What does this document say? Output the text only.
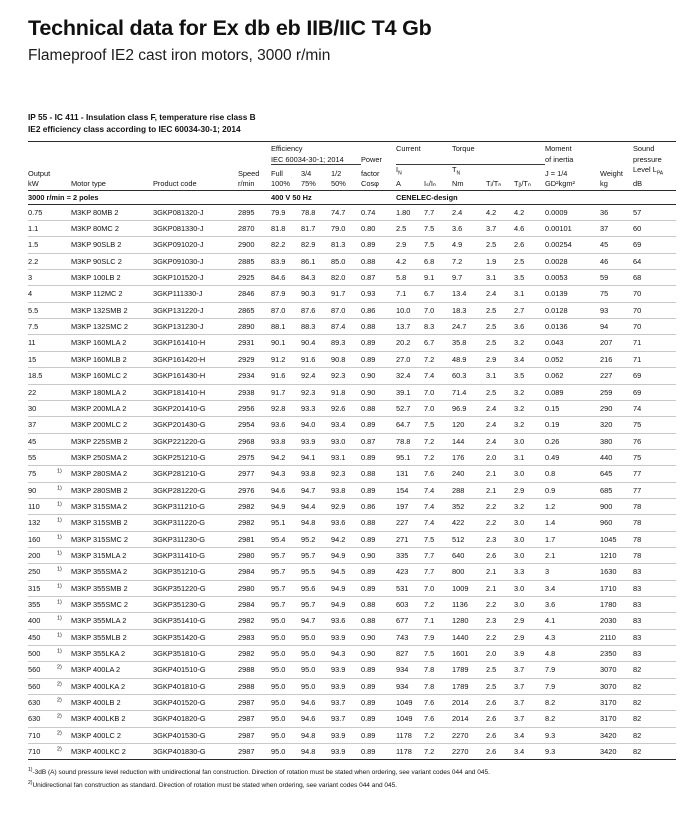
Technical data for Ex db eb IIB/IIC T4 Gb
Flameproof IE2 cast iron motors, 3000 r/min
IP 55 - IC 411 - Insulation class F, temperature rise class B
IE2 efficiency class according to IEC 60034-30-1; 2014

					Efficiency				Current		Torque			Moment		Sound
					IEC 60034-30-1; 2014			Power						of inertia		pressure
Output				Speed	Full	3/4	1/2	factor	$I_N$		$T_N$			J = 1/4	Weight	Level $L_{PA}$
kW		Motor type	Product code	r/min	100%	75%	50%	Cosφ	A	Iₛ/Iₙ	Nm	Tᵢ/Tₙ	Tᵦ/Tₙ	GD²kgm²	kg	dB

3000 r/min = 2 poles					400 V 50 Hz				CENELEC-design							
0.75		M3KP 80MB 2	3GKP081320-J	2895	79.9	78.8	74.7	0.74	1.80	7.7	2.4	4.2	4.2	0.0009	36	57
1.1		M3KP 80MC 2	3GKP081330-J	2870	81.8	81.7	79.0	0.80	2.5	7.5	3.6	3.7	4.6	0.00101	37	60
1.5		M3KP 90SLB 2	3GKP091020-J	2900	82.2	82.9	81.3	0.89	2.9	7.5	4.9	2.5	2.6	0.00254	45	69
2.2		M3KP 90SLC 2	3GKP091030-J	2885	83.9	86.1	85.0	0.88	4.2	6.8	7.2	1.9	2.5	0.0028	46	64
3		M3KP 100LB 2	3GKP101520-J	2925	84.6	84.3	82.0	0.87	5.8	9.1	9.7	3.1	3.5	0.0053	59	68
4		M3KP 112MC 2	3GKP111330-J	2846	87.9	90.3	91.7	0.93	7.1	6.7	13.4	2.4	3.1	0.0139	75	70
5.5		M3KP 132SMB 2	3GKP131220-J	2865	87.0	87.6	87.0	0.86	10.0	7.0	18.3	2.5	2.7	0.0128	93	70
7.5		M3KP 132SMC 2	3GKP131230-J	2890	88.1	88.3	87.4	0.88	13.7	8.3	24.7	2.5	3.6	0.0136	94	70
11		M3KP 160MLA 2	3GKP161410-H	2931	90.1	90.4	89.3	0.89	20.2	6.7	35.8	2.5	3.2	0.043	207	71
15		M3KP 160MLB 2	3GKP161420-H	2929	91.2	91.6	90.8	0.89	27.0	7.2	48.9	2.9	3.4	0.052	216	71
18.5		M3KP 160MLC 2	3GKP161430-H	2934	91.6	92.4	92.3	0.90	32.4	7.4	60.3	3.1	3.5	0.062	227	69
22		M3KP 180MLA 2	3GKP181410-H	2938	91.7	92.3	91.8	0.90	39.1	7.0	71.4	2.5	3.2	0.089	259	69
30		M3KP 200MLA 2	3GKP201410-G	2956	92.8	93.3	92.6	0.88	52.7	7.0	96.9	2.4	3.2	0.15	290	74
37		M3KP 200MLC 2	3GKP201430-G	2954	93.6	94.0	93.4	0.89	64.7	7.5	120	2.4	3.2	0.19	320	75
45		M3KP 225SMB 2	3GKP221220-G	2968	93.8	93.9	93.0	0.87	78.8	7.2	144	2.4	3.0	0.26	380	76
55		M3KP 250SMA 2	3GKP251210-G	2975	94.2	94.1	93.1	0.89	95.1	7.2	176	2.0	3.1	0.49	440	75
75	$^{1)}$	M3KP 280SMA 2	3GKP281210-G	2977	94.3	93.8	92.3	0.88	131	7.6	240	2.1	3.0	0.8	645	77
90	$^{1)}$	M3KP 280SMB 2	3GKP281220-G	2976	94.6	94.7	93.8	0.89	154	7.4	288	2.1	2.9	0.9	685	77
110	$^{1)}$	M3KP 315SMA 2	3GKP311210-G	2982	94.9	94.4	92.9	0.86	197	7.4	352	2.2	3.2	1.2	900	78
132	$^{1)}$	M3KP 315SMB 2	3GKP311220-G	2982	95.1	94.8	93.6	0.88	227	7.4	422	2.2	3.0	1.4	960	78
160	$^{1)}$	M3KP 315SMC 2	3GKP311230-G	2981	95.4	95.2	94.2	0.89	271	7.5	512	2.3	3.0	1.7	1045	78
200	$^{1)}$	M3KP 315MLA 2	3GKP311410-G	2980	95.7	95.7	94.9	0.90	335	7.7	640	2.6	3.0	2.1	1210	78
250	$^{1)}$	M3KP 355SMA 2	3GKP351210-G	2984	95.7	95.5	94.5	0.89	423	7.7	800	2.1	3.3	3	1630	83
315	$^{1)}$	M3KP 355SMB 2	3GKP351220-G	2980	95.7	95.6	94.9	0.89	531	7.0	1009	2.1	3.0	3.4	1710	83
355	$^{1)}$	M3KP 355SMC 2	3GKP351230-G	2984	95.7	95.7	94.9	0.88	603	7.2	1136	2.2	3.0	3.6	1780	83
400	$^{1)}$	M3KP 355MLA 2	3GKP351410-G	2982	95.0	94.7	93.6	0.88	677	7.1	1280	2.3	2.9	4.1	2030	83
450	$^{1)}$	M3KP 355MLB 2	3GKP351420-G	2983	95.0	95.0	93.9	0.90	743	7.9	1440	2.2	2.9	4.3	2110	83
500	$^{1)}$	M3KP 355LKA 2	3GKP351810-G	2982	95.0	95.0	94.3	0.90	827	7.5	1601	2.0	3.9	4.8	2350	83
560	$^{2)}$	M3KP 400LA 2	3GKP401510-G	2988	95.0	95.0	93.9	0.89	934	7.8	1789	2.5	3.7	7.9	3070	82
560	$^{2)}$	M3KP 400LKA 2	3GKP401810-G	2988	95.0	95.0	93.9	0.89	934	7.8	1789	2.5	3.7	7.9	3070	82
630	$^{2)}$	M3KP 400LB 2	3GKP401520-G	2987	95.0	94.6	93.7	0.89	1049	7.6	2014	2.6	3.7	8.2	3170	82
630	$^{2)}$	M3KP 400LKB 2	3GKP401820-G	2987	95.0	94.6	93.7	0.89	1049	7.6	2014	2.6	3.7	8.2	3170	82
710	$^{2)}$	M3KP 400LC 2	3GKP401530-G	2987	95.0	94.8	93.9	0.89	1178	7.2	2270	2.6	3.4	9.3	3420	82
710	$^{2)}$	M3KP 400LKC 2	3GKP401830-G	2987	95.0	94.8	93.9	0.89	1178	7.2	2270	2.6	3.4	9.3	3420	82

$^{1)}$-3dB (A) sound pressure level reduction with unidirectional fan construction. Direction of rotation must be stated when ordering, see variant codes 044 and 045.

$^{2)}$Unidirectional fan construction as standard. Direction of rotation must be stated when ordering, see variant codes 044 and 045.
